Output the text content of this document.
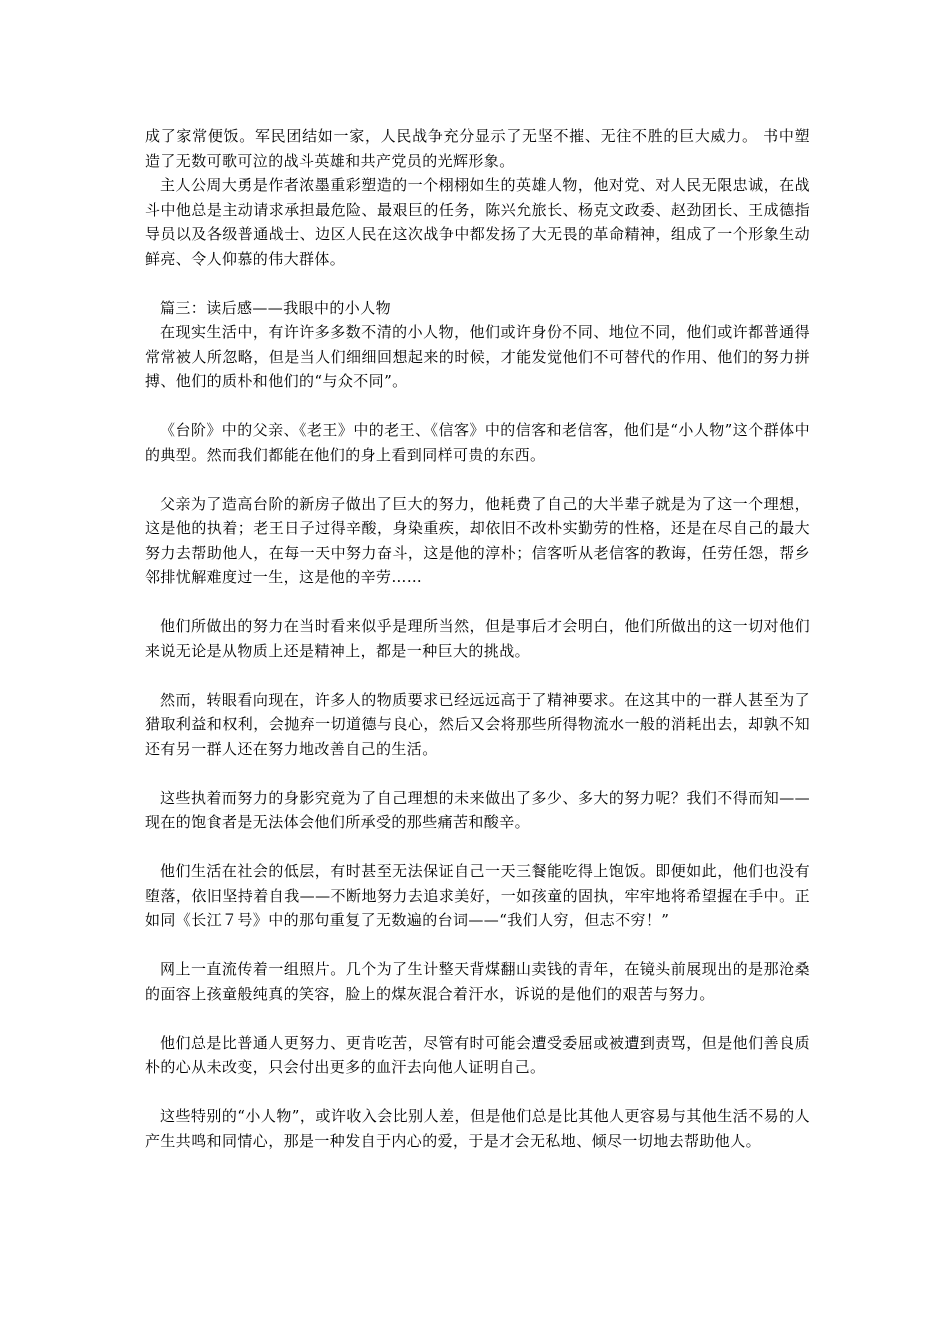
成了家常便饭。军民团结如一家，人民战争充分显示了无坚不摧、无往不胜的巨大威力。 书中塑造了无数可歌可泣的战斗英雄和共产党员的光辉形象。

主人公周大勇是作者浓墨重彩塑造的一个栩栩如生的英雄人物，他对党、对人民无限忠诚，在战斗中他总是主动请求承担最危险、最艰巨的任务，陈兴允旅长、杨克文政委、赵劲团长、王成德指导员以及各级普通战士、边区人民在这次战争中都发扬了大无畏的革命精神，组成了一个形象生动鲜亮、令人仰慕的伟大群体。

篇三：读后感——我眼中的小人物

在现实生活中，有许许多多数不清的小人物，他们或许身份不同、地位不同，他们或许都普通得常常被人所忽略，但是当人们细细回想起来的时候，才能发觉他们不可替代的作用、他们的努力拼搏、他们的质朴和他们的“与众不同”。

《台阶》中的父亲、《老王》中的老王、《信客》中的信客和老信客，他们是“小人物”这个群体中的典型。然而我们都能在他们的身上看到同样可贵的东西。

父亲为了造高台阶的新房子做出了巨大的努力，他耗费了自己的大半辈子就是为了这一个理想，这是他的执着；老王日子过得辛酸，身染重疾，却依旧不改朴实勤劳的性格，还是在尽自己的最大努力去帮助他人，在每一天中努力奋斗，这是他的淳朴；信客听从老信客的教诲，任劳任怨，帮乡邻排忧解难度过一生，这是他的辛劳……

他们所做出的努力在当时看来似乎是理所当然，但是事后才会明白，他们所做出的这一切对他们来说无论是从物质上还是精神上，都是一种巨大的挑战。

然而，转眼看向现在，许多人的物质要求已经远远高于了精神要求。在这其中的一群人甚至为了猎取利益和权利，会抛弃一切道德与良心，然后又会将那些所得物流水一般的消耗出去，却孰不知还有另一群人还在努力地改善自己的生活。

这些执着而努力的身影究竟为了自己理想的未来做出了多少、多大的努力呢？我们不得而知——现在的饱食者是无法体会他们所承受的那些痛苦和酸辛。

他们生活在社会的低层，有时甚至无法保证自己一天三餐能吃得上饱饭。即便如此，他们也没有堕落，依旧坚持着自我——不断地努力去追求美好，一如孩童的固执，牢牢地将希望握在手中。正如同《长江７号》中的那句重复了无数遍的台词——“我们人穷，但志不穷！”

网上一直流传着一组照片。几个为了生计整天背煤翻山卖钱的青年，在镜头前展现出的是那沧桑的面容上孩童般纯真的笑容，脸上的煤灰混合着汗水，诉说的是他们的艰苦与努力。

他们总是比普通人更努力、更肯吃苦，尽管有时可能会遭受委屈或被遭到责骂，但是他们善良质朴的心从未改变，只会付出更多的血汗去向他人证明自己。

这些特别的“小人物”，或许收入会比别人差，但是他们总是比其他人更容易与其他生活不易的人产生共鸣和同情心，那是一种发自于内心的爱，于是才会无私地、倾尽一切地去帮助他人。
